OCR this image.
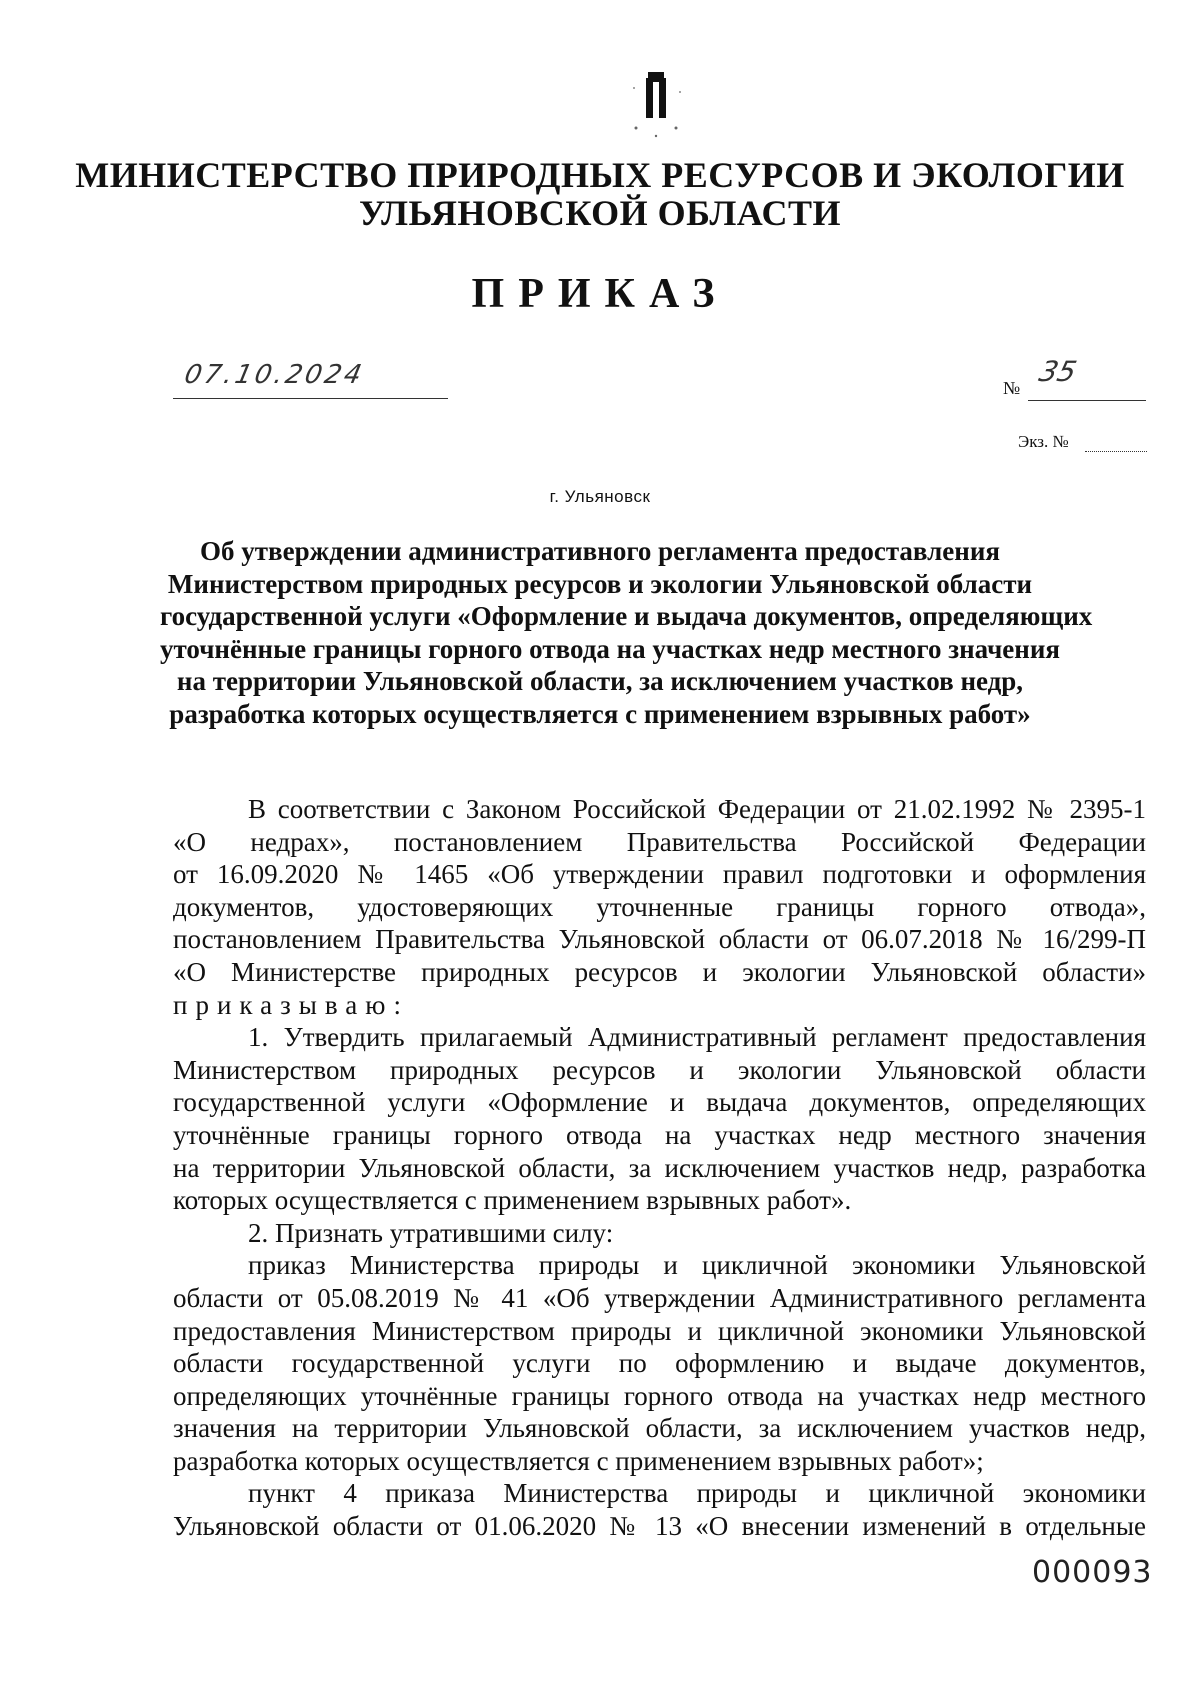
МИНИСТЕРСТВО ПРИРОДНЫХ РЕСУРСОВ И ЭКОЛОГИИ
УЛЬЯНОВСКОЙ ОБЛАСТИ
ПРИКАЗ
07.10.2024	№ 35
Экз. №
г. Ульяновск
Об утверждении административного регламента предоставления
Министерством природных ресурсов и экологии Ульяновской области
государственной услуги «Оформление и выдача документов, определяющих
уточнённые границы горного отвода на участках недр местного значения
на территории Ульяновской области, за исключением участков недр,
разработка которых осуществляется с применением взрывных работ»
В соответствии с Законом Российской Федерации от 21.02.1992 № 2395-1
«О недрах», постановлением Правительства Российской Федерации
от 16.09.2020 № 1465 «Об утверждении правил подготовки и оформления
документов, удостоверяющих уточненные границы горного отвода»,
постановлением Правительства Ульяновской области от 06.07.2018 № 16/299-П
«О Министерстве природных ресурсов и экологии Ульяновской области»
приказываю:
1. Утвердить прилагаемый Административный регламент предоставления
Министерством природных ресурсов и экологии Ульяновской области
государственной услуги «Оформление и выдача документов, определяющих
уточнённые границы горного отвода на участках недр местного значения
на территории Ульяновской области, за исключением участков недр, разработка
которых осуществляется с применением взрывных работ».
2. Признать утратившими силу:
приказ Министерства природы и цикличной экономики Ульяновской
области от 05.08.2019 № 41 «Об утверждении Административного регламента
предоставления Министерством природы и цикличной экономики Ульяновской
области государственной услуги по оформлению и выдаче документов,
определяющих уточнённые границы горного отвода на участках недр местного
значения на территории Ульяновской области, за исключением участков недр,
разработка которых осуществляется с применением взрывных работ»;
пункт 4 приказа Министерства природы и цикличной экономики
Ульяновской области от 01.06.2020 № 13 «О внесении изменений в отдельные
000093
